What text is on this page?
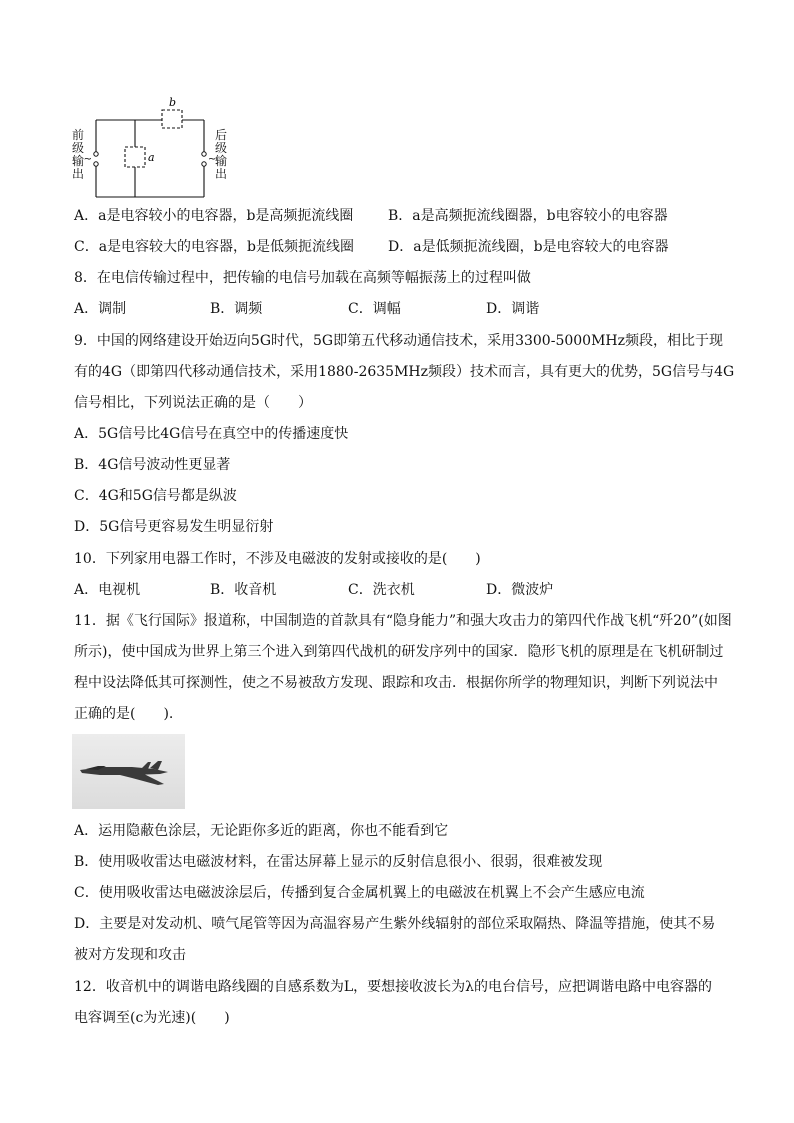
~	~
a
b
前
级
输
出
后
级
输
出
A．a是电容较小的电容器，b是高频扼流线圈 B．a是高频扼流线圈器，b电容较小的电容器
C．a是电容较大的电容器，b是低频扼流线圈 D．a是低频扼流线圈，b是电容较大的电容器
8．在电信传输过程中，把传输的电信号加载在高频等幅振荡上的过程叫做
A．调制	B．调频	C．调幅	D．调谐
9．中国的网络建设开始迈向5G时代，5G即第五代移动通信技术，采用3300-5000MHz频段，相比于现
有的4G（即第四代移动通信技术，采用1880-2635MHz频段）技术而言，具有更大的优势，5G信号与4G
信号相比，下列说法正确的是（　　）
A．5G信号比4G信号在真空中的传播速度快
B．4G信号波动性更显著
C．4G和5G信号都是纵波
D．5G信号更容易发生明显衍射
10．下列家用电器工作时，不涉及电磁波的发射或接收的是(　　)
A．电视机	B．收音机	C．洗衣机	D．微波炉
11．据《飞行国际》报道称，中国制造的首款具有“隐身能力”和强大攻击力的第四代作战飞机“歼20”(如图
所示)，使中国成为世界上第三个进入到第四代战机的研发序列中的国家．隐形飞机的原理是在飞机研制过
程中设法降低其可探测性，使之不易被敌方发现、跟踪和攻击．根据你所学的物理知识，判断下列说法中
正确的是(　　).
A．运用隐蔽色涂层，无论距你多近的距离，你也不能看到它
B．使用吸收雷达电磁波材料，在雷达屏幕上显示的反射信息很小、很弱，很难被发现
C．使用吸收雷达电磁波涂层后，传播到复合金属机翼上的电磁波在机翼上不会产生感应电流
D．主要是对发动机、喷气尾管等因为高温容易产生紫外线辐射的部位采取隔热、降温等措施，使其不易
被对方发现和攻击
12．收音机中的调谐电路线圈的自感系数为L，要想接收波长为λ的电台信号，应把调谐电路中电容器的
电容调至(c为光速)(　　)
